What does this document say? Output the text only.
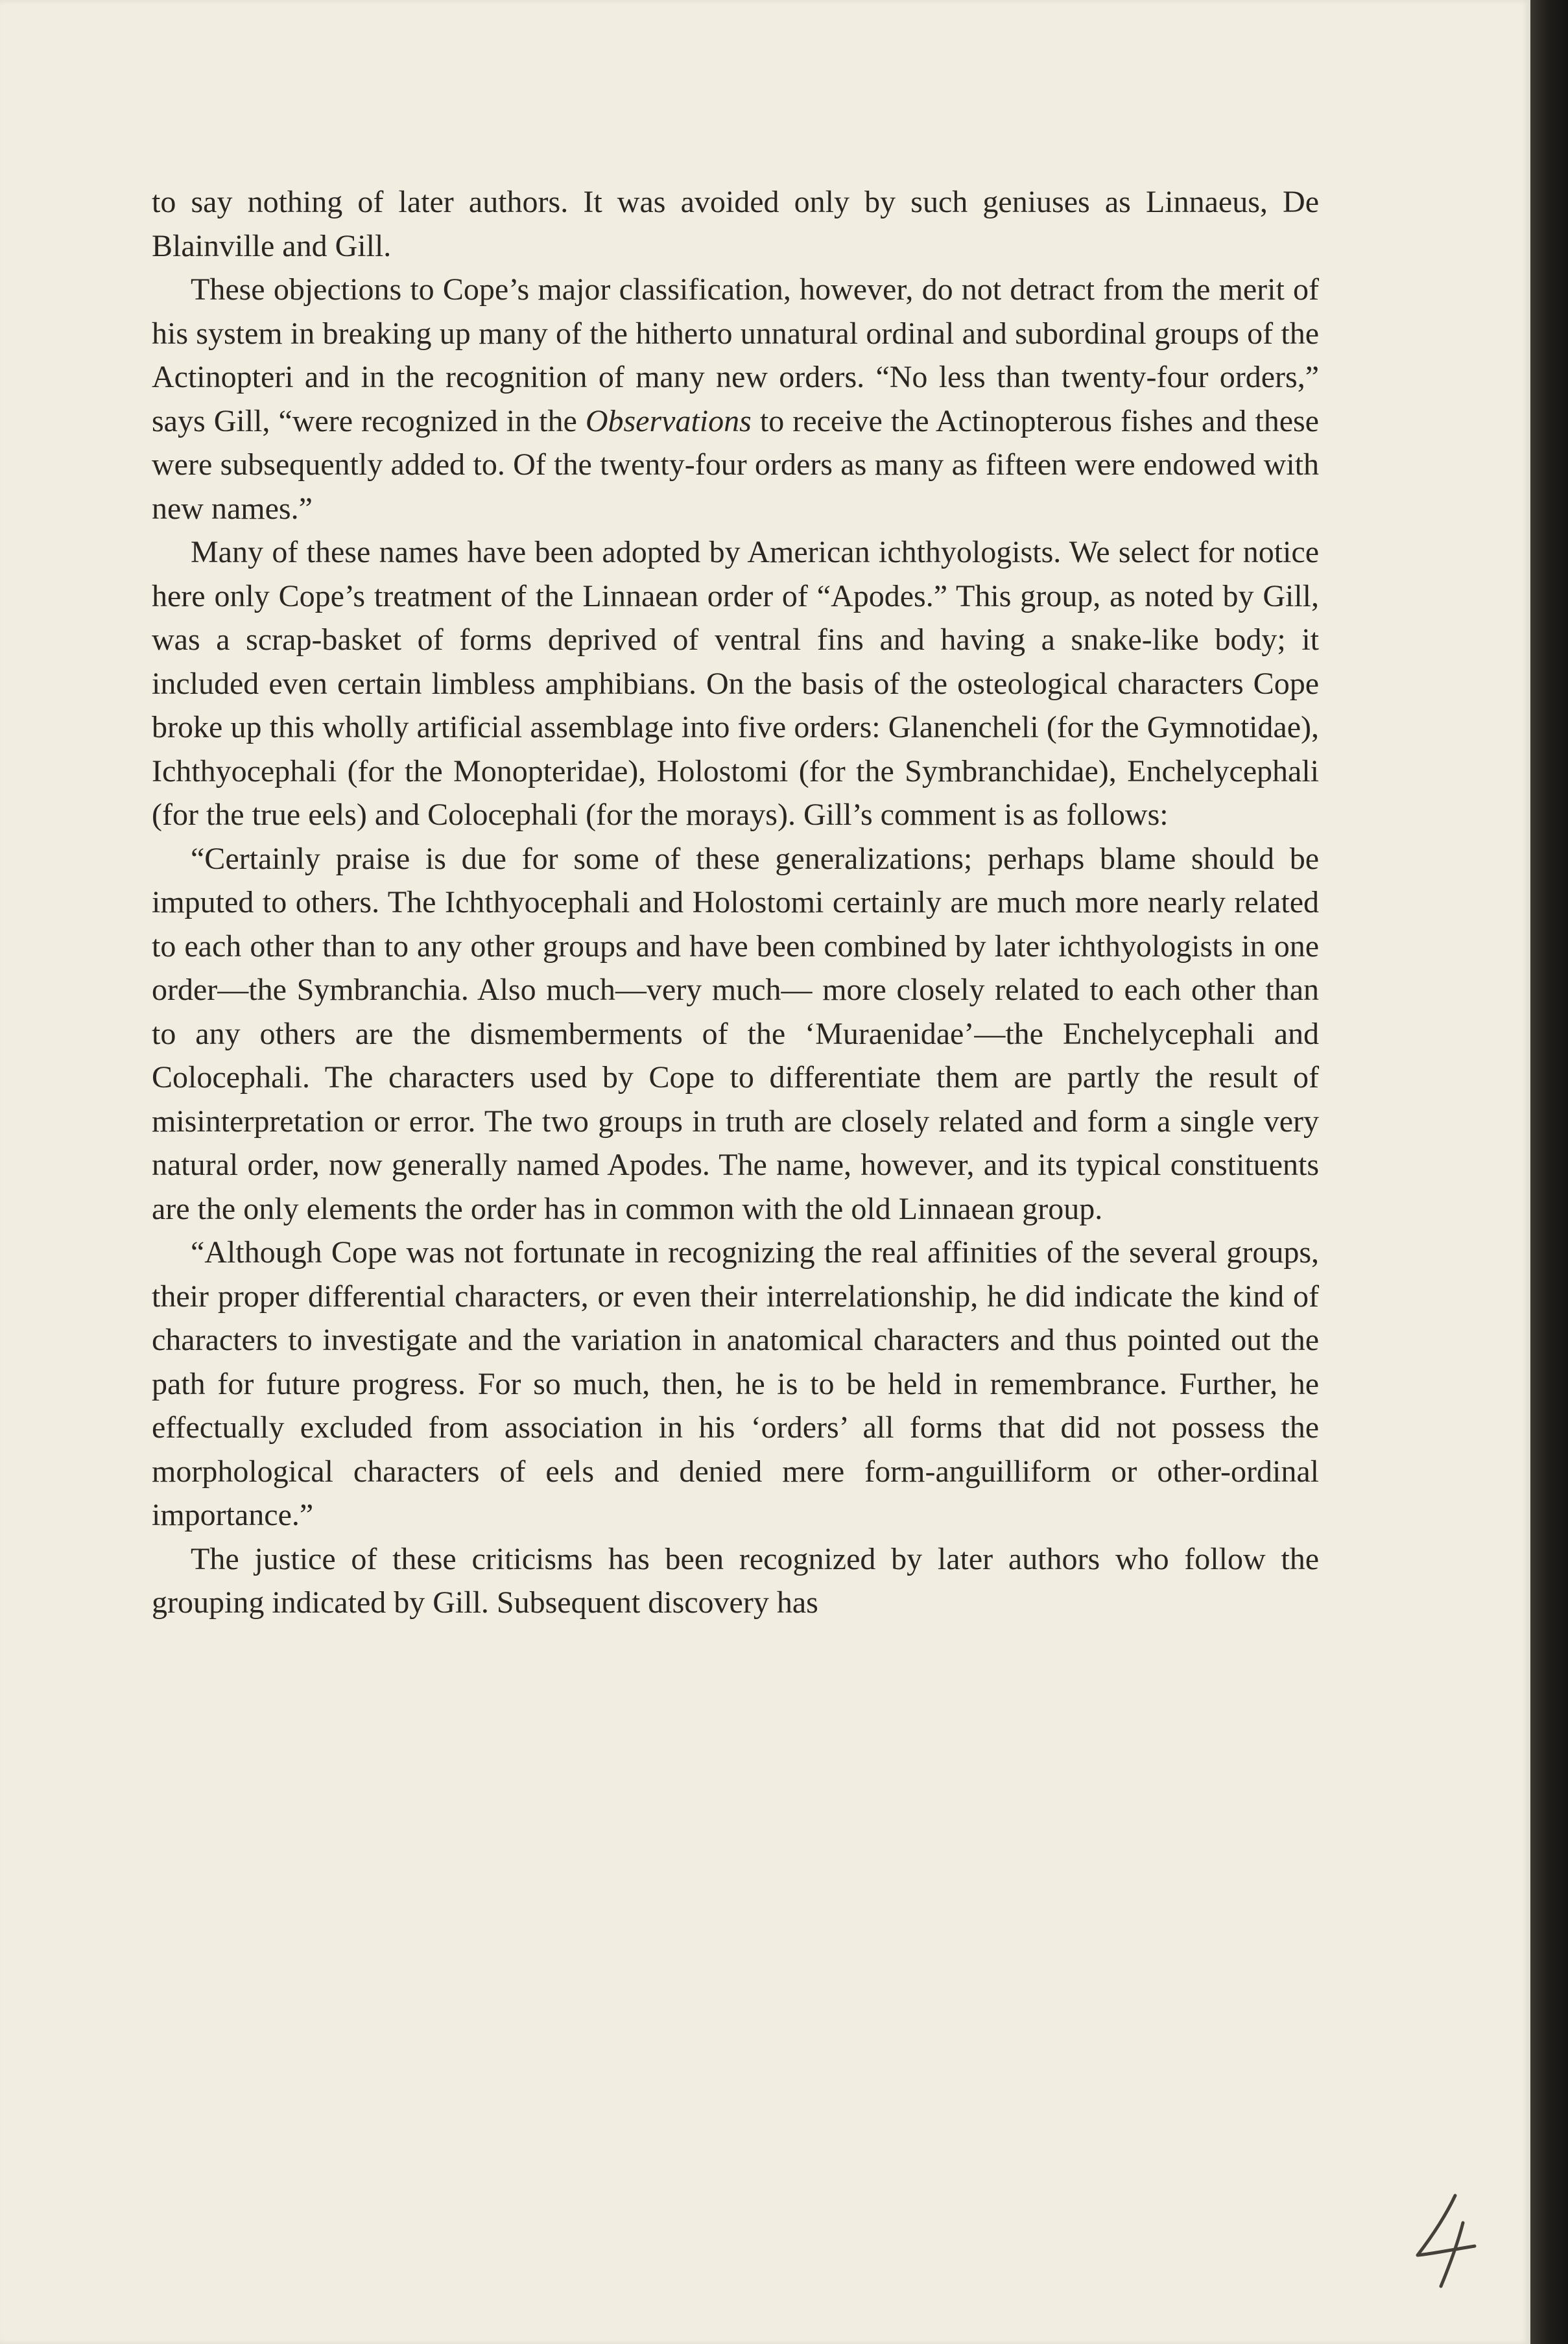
to say nothing of later authors. It was avoided only by such geniuses as Linnaeus, De Blainville and Gill.

These objections to Cope’s major classification, however, do not detract from the merit of his system in breaking up many of the hitherto unnatural ordinal and subordinal groups of the Actinopteri and in the recognition of many new orders. “No less than twenty-four orders,” says Gill, “were recognized in the Observations to receive the Actinopterous fishes and these were subsequently added to. Of the twenty-four orders as many as fifteen were endowed with new names.”

Many of these names have been adopted by American ichthyologists. We select for notice here only Cope’s treatment of the Linnaean order of “Apodes.” This group, as noted by Gill, was a scrap-basket of forms deprived of ventral fins and having a snake-like body; it included even certain limbless amphibians. On the basis of the osteological characters Cope broke up this wholly artificial assemblage into five orders: Glanencheli (for the Gymnotidae), Ichthyocephali (for the Monopteridae), Holostomi (for the Symbranchidae), Enchelycephali (for the true eels) and Colocephali (for the morays). Gill’s comment is as follows:

“Certainly praise is due for some of these generalizations; perhaps blame should be imputed to others. The Ichthyocephali and Holostomi certainly are much more nearly related to each other than to any other groups and have been combined by later ichthyologists in one order—the Symbranchia. Also much—very much— more closely related to each other than to any others are the dismemberments of the ‘Muraenidae’—the Enchelycephali and Colocephali. The characters used by Cope to differentiate them are partly the result of misinterpretation or error. The two groups in truth are closely related and form a single very natural order, now generally named Apodes. The name, however, and its typical constituents are the only elements the order has in common with the old Linnaean group.

“Although Cope was not fortunate in recognizing the real affinities of the several groups, their proper differential characters, or even their interrelationship, he did indicate the kind of characters to investigate and the variation in anatomical characters and thus pointed out the path for future progress. For so much, then, he is to be held in remembrance. Further, he effectually excluded from association in his ‘orders’ all forms that did not possess the morphological characters of eels and denied mere form-anguilliform or other-ordinal importance.”

The justice of these criticisms has been recognized by later authors who follow the grouping indicated by Gill. Subsequent discovery has
